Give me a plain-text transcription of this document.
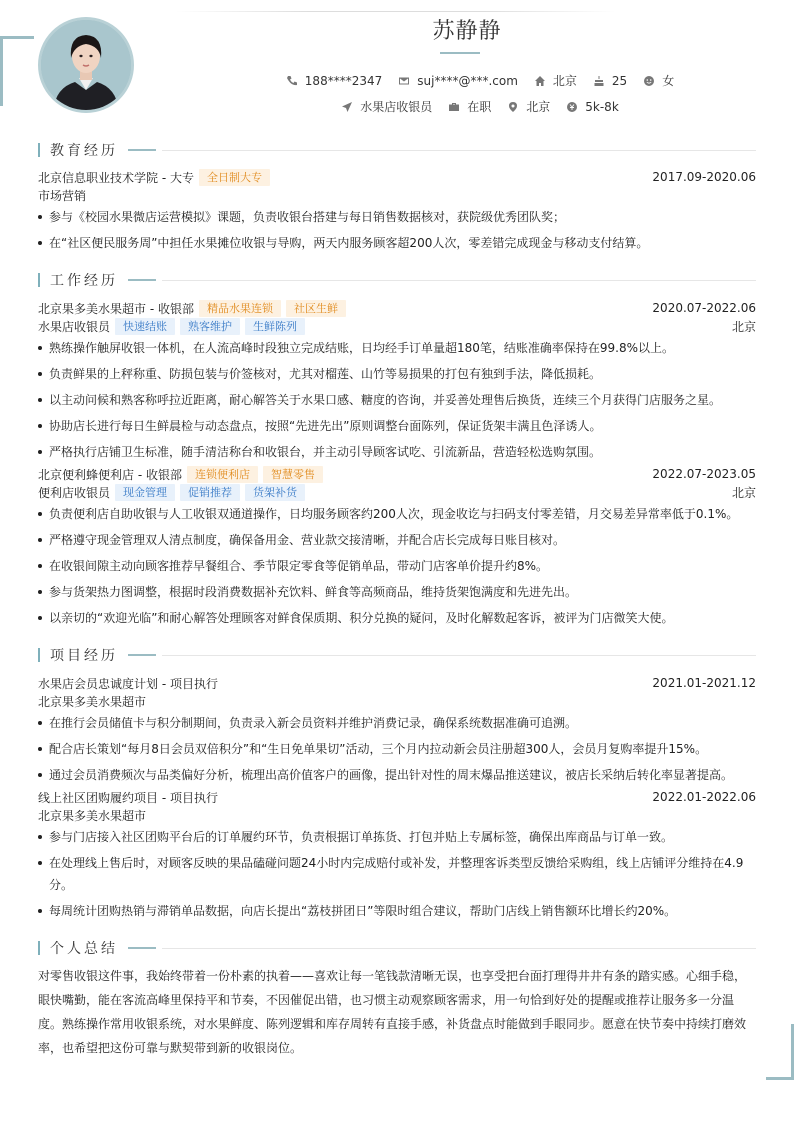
苏静静
188****2347	suj****@***.com	北京	25	女
水果店收银员	在职	北京	5k-8k
教育经历
北京信息职业技术学院 - 大专	全日制大专	2017.09-2020.06
市场营销
参与《校园水果微店运营模拟》课题，负责收银台搭建与每日销售数据核对，获院级优秀团队奖；
在“社区便民服务周”中担任水果摊位收银与导购，两天内服务顾客超200人次，零差错完成现金与移动支付结算。
工作经历
北京果多美水果超市 - 收银部	精品水果连锁	社区生鲜	2020.07-2022.06
水果店收银员	快速结账	熟客维护	生鲜陈列	北京
熟练操作触屏收银一体机，在人流高峰时段独立完成结账，日均经手订单量超180笔，结账准确率保持在99.8%以上。
负责鲜果的上秤称重、防损包装与价签核对，尤其对榴莲、山竹等易损果的打包有独到手法，降低损耗。
以主动问候和熟客称呼拉近距离，耐心解答关于水果口感、糖度的咨询，并妥善处理售后换货，连续三个月获得门店服务之星。
协助店长进行每日生鲜晨检与动态盘点，按照“先进先出”原则调整台面陈列，保证货架丰满且色泽诱人。
严格执行店铺卫生标准，随手清洁称台和收银台，并主动引导顾客试吃、引流新品，营造轻松选购氛围。
北京便利蜂便利店 - 收银部	连锁便利店	智慧零售	2022.07-2023.05
便利店收银员	现金管理	促销推荐	货架补货	北京
负责便利店自助收银与人工收银双通道操作，日均服务顾客约200人次，现金收讫与扫码支付零差错，月交易差异常率低于0.1%。
严格遵守现金管理双人清点制度，确保备用金、营业款交接清晰，并配合店长完成每日账目核对。
在收银间隙主动向顾客推荐早餐组合、季节限定零食等促销单品，带动门店客单价提升约8%。
参与货架热力图调整，根据时段消费数据补充饮料、鲜食等高频商品，维持货架饱满度和先进先出。
以亲切的“欢迎光临”和耐心解答处理顾客对鲜食保质期、积分兑换的疑问，及时化解数起客诉，被评为门店微笑大使。
项目经历
水果店会员忠诚度计划 - 项目执行	2021.01-2021.12
北京果多美水果超市
在推行会员储值卡与积分制期间，负责录入新会员资料并维护消费记录，确保系统数据准确可追溯。
配合店长策划“每月8日会员双倍积分”和“生日免单果切”活动，三个月内拉动新会员注册超300人，会员月复购率提升15%。
通过会员消费频次与品类偏好分析，梳理出高价值客户的画像，提出针对性的周末爆品推送建议，被店长采纳后转化率显著提高。
线上社区团购履约项目 - 项目执行	2022.01-2022.06
北京果多美水果超市
参与门店接入社区团购平台后的订单履约环节，负责根据订单拣货、打包并贴上专属标签，确保出库商品与订单一致。
在处理线上售后时，对顾客反映的果品磕碰问题24小时内完成赔付或补发，并整理客诉类型反馈给采购组，线上店铺评分维持在4.9分。
每周统计团购热销与滞销单品数据，向店长提出“荔枝拼团日”等限时组合建议，帮助门店线上销售额环比增长约20%。
个人总结
对零售收银这件事，我始终带着一份朴素的执着——喜欢让每一笔钱款清晰无误，也享受把台面打理得井井有条的踏实感。心细手稳，眼快嘴勤，能在客流高峰里保持平和节奏，不因催促出错，也习惯主动观察顾客需求，用一句恰到好处的提醒或推荐让服务多一分温度。熟练操作常用收银系统，对水果鲜度、陈列逻辑和库存周转有直接手感，补货盘点时能做到手眼同步。愿意在快节奏中持续打磨效率，也希望把这份可靠与默契带到新的收银岗位。
